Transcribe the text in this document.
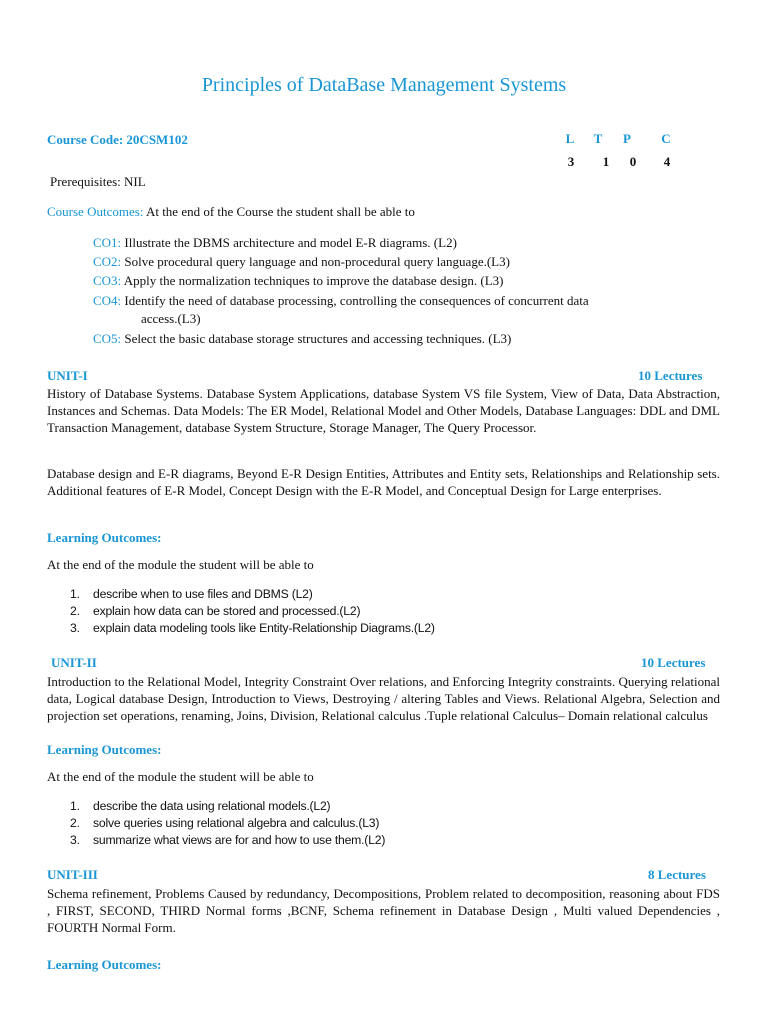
Principles of DataBase Management Systems
Course Code: 20CSM102	L	T	P	C
3	1	0	4
Prerequisites: NIL
Course Outcomes: At the end of the Course the student shall be able to
CO1: Illustrate the DBMS architecture and model E-R diagrams. (L2)
CO2: Solve procedural query language and non-procedural query language.(L3)
CO3: Apply the normalization techniques to improve the database design. (L3)
CO4: Identify the need of database processing, controlling the consequences of concurrent data
access.(L3)
CO5: Select the basic database storage structures and accessing techniques. (L3)
UNIT-I	10 Lectures
History of Database Systems. Database System Applications, database System VS file System, View of Data, Data Abstraction, Instances and Schemas. Data Models: The ER Model, Relational Model and Other Models, Database Languages: DDL and DML Transaction Management, database System Structure, Storage Manager, The Query Processor.
Database design and E-R diagrams, Beyond E-R Design Entities, Attributes and Entity sets, Relationships and Relationship sets. Additional features of E-R Model, Concept Design with the E-R Model, and Conceptual Design for Large enterprises.
Learning Outcomes:
At the end of the module the student will be able to
1. describe when to use files and DBMS (L2)
2. explain how data can be stored and processed.(L2)
3. explain data modeling tools like Entity-Relationship Diagrams.(L2)
UNIT-II	10 Lectures
Introduction to the Relational Model, Integrity Constraint Over relations, and Enforcing Integrity constraints. Querying relational data, Logical database Design, Introduction to Views, Destroying / altering Tables and Views. Relational Algebra, Selection and projection set operations, renaming, Joins, Division, Relational calculus .Tuple relational Calculus– Domain relational calculus
Learning Outcomes:
At the end of the module the student will be able to
1. describe the data using relational models.(L2)
2. solve queries using relational algebra and calculus.(L3)
3. summarize what views are for and how to use them.(L2)
UNIT-III	8 Lectures
Schema refinement, Problems Caused by redundancy, Decompositions, Problem related to decomposition, reasoning about FDS , FIRST, SECOND, THIRD Normal forms ,BCNF, Schema refinement in Database Design , Multi valued Dependencies , FOURTH Normal Form.
Learning Outcomes:
